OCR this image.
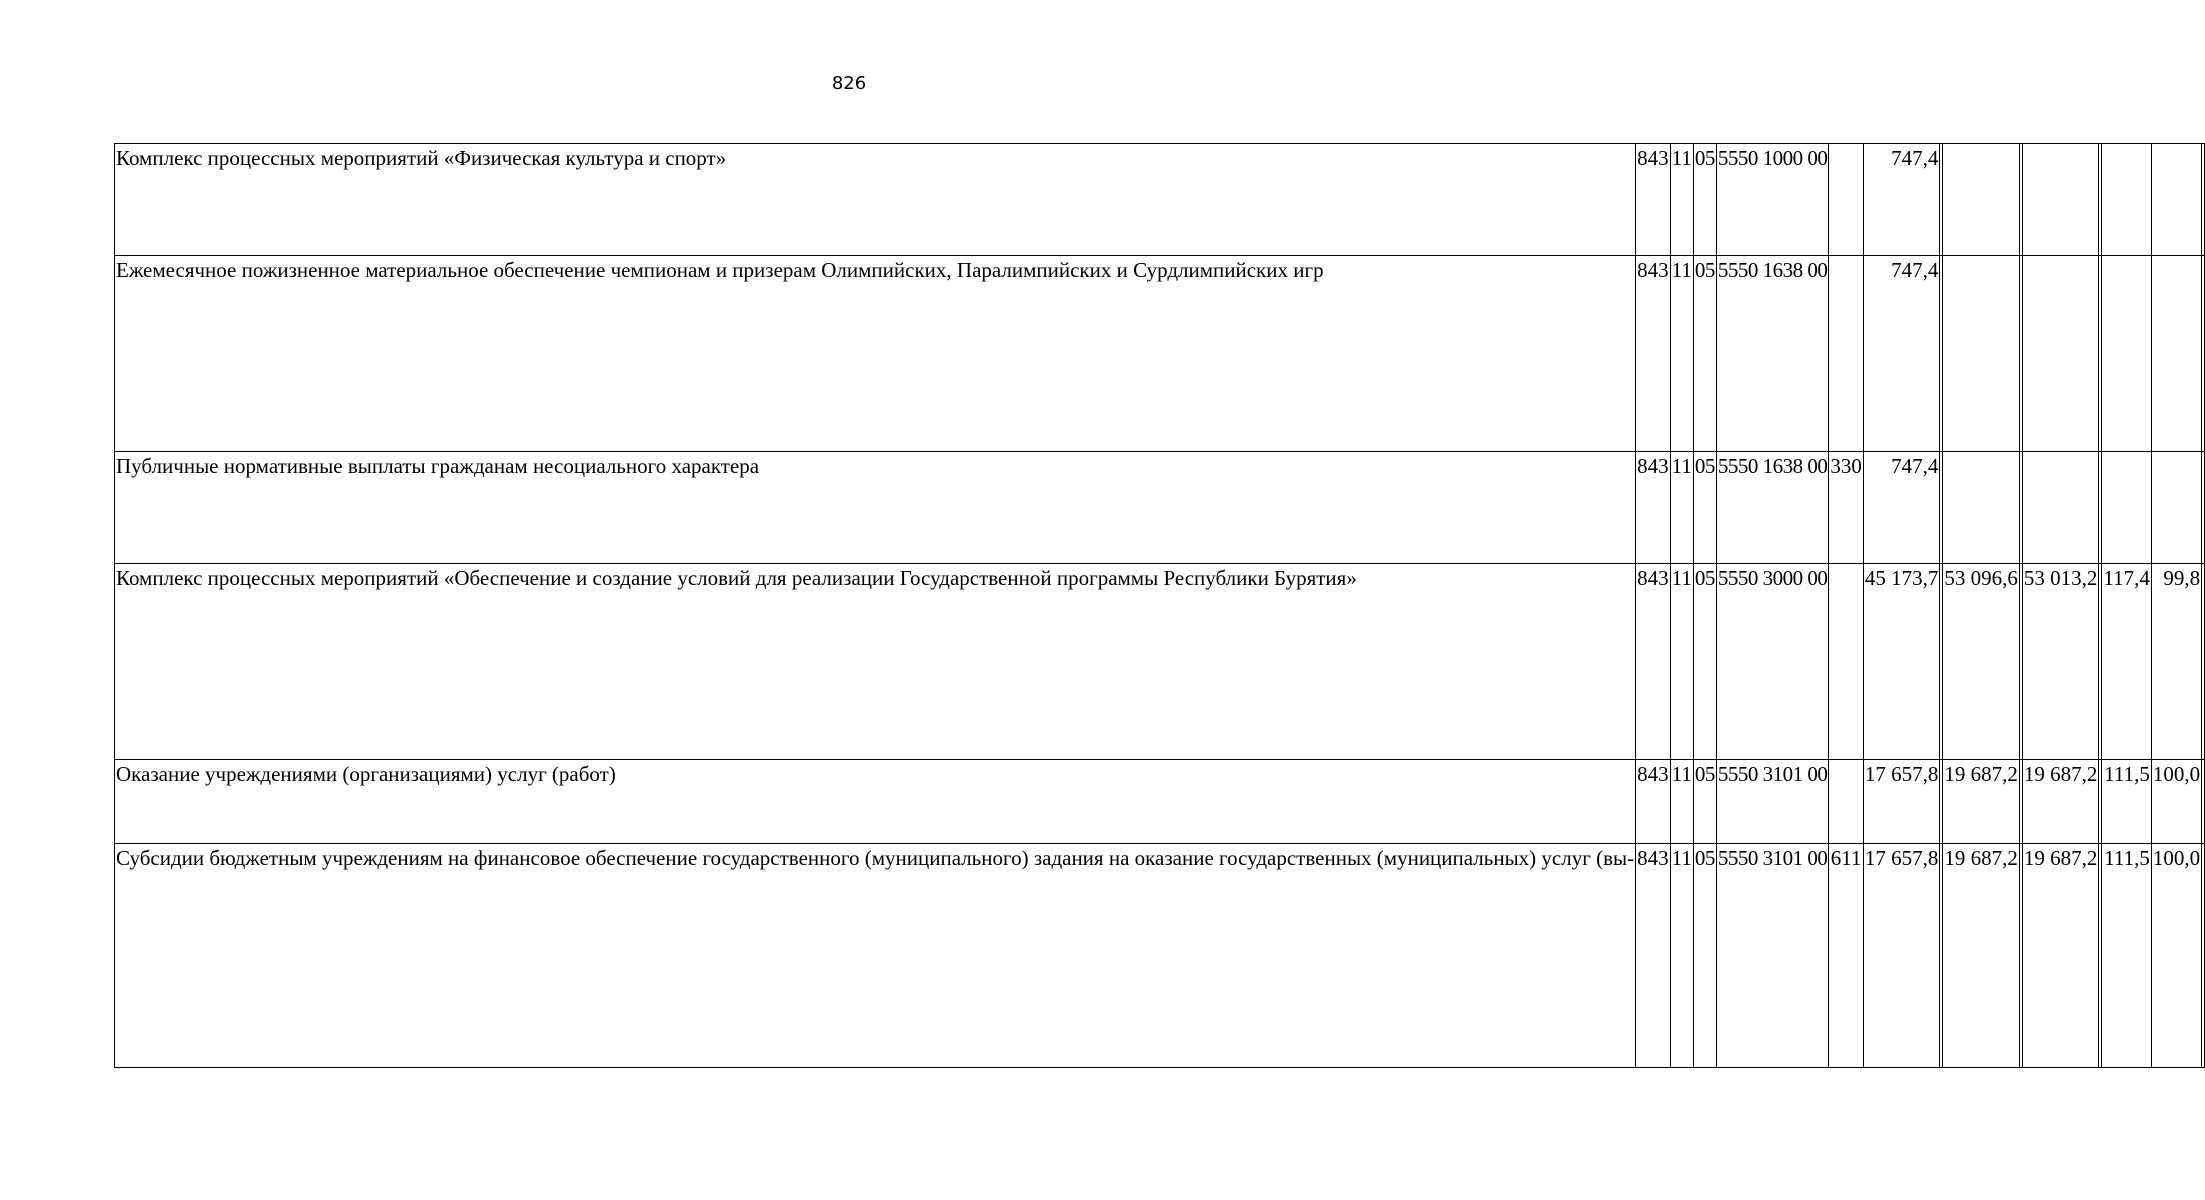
826
Комплекс процессных мероприятий «Физическая культура и спорт»	843	11	05	5550 1000 00		747,4								
Ежемесячное пожизненное материальное обеспечение чемпионам и призерам Олимпийских, Паралимпийских и Сурдлимпийских игр	843	11	05	5550 1638 00		747,4								
Публичные нормативные выплаты гражданам несоциального характера	843	11	05	5550 1638 00	330	747,4								
Комплекс процессных мероприятий «Обеспечение и создание условий для реализации Государственной программы Республики Бурятия»	843	11	05	5550 3000 00		45 173,7		53 096,6		53 013,2		117,4	99,8	
Оказание учреждениями (организациями) услуг (работ)	843	11	05	5550 3101 00		17 657,8		19 687,2		19 687,2		111,5	100,0	
Субсидии бюджетным учреждениям на финансовое обеспечение государственного (муниципального) задания на оказание государственных (муниципальных) услуг (вы-	843	11	05	5550 3101 00	611	17 657,8		19 687,2		19 687,2		111,5	100,0	
